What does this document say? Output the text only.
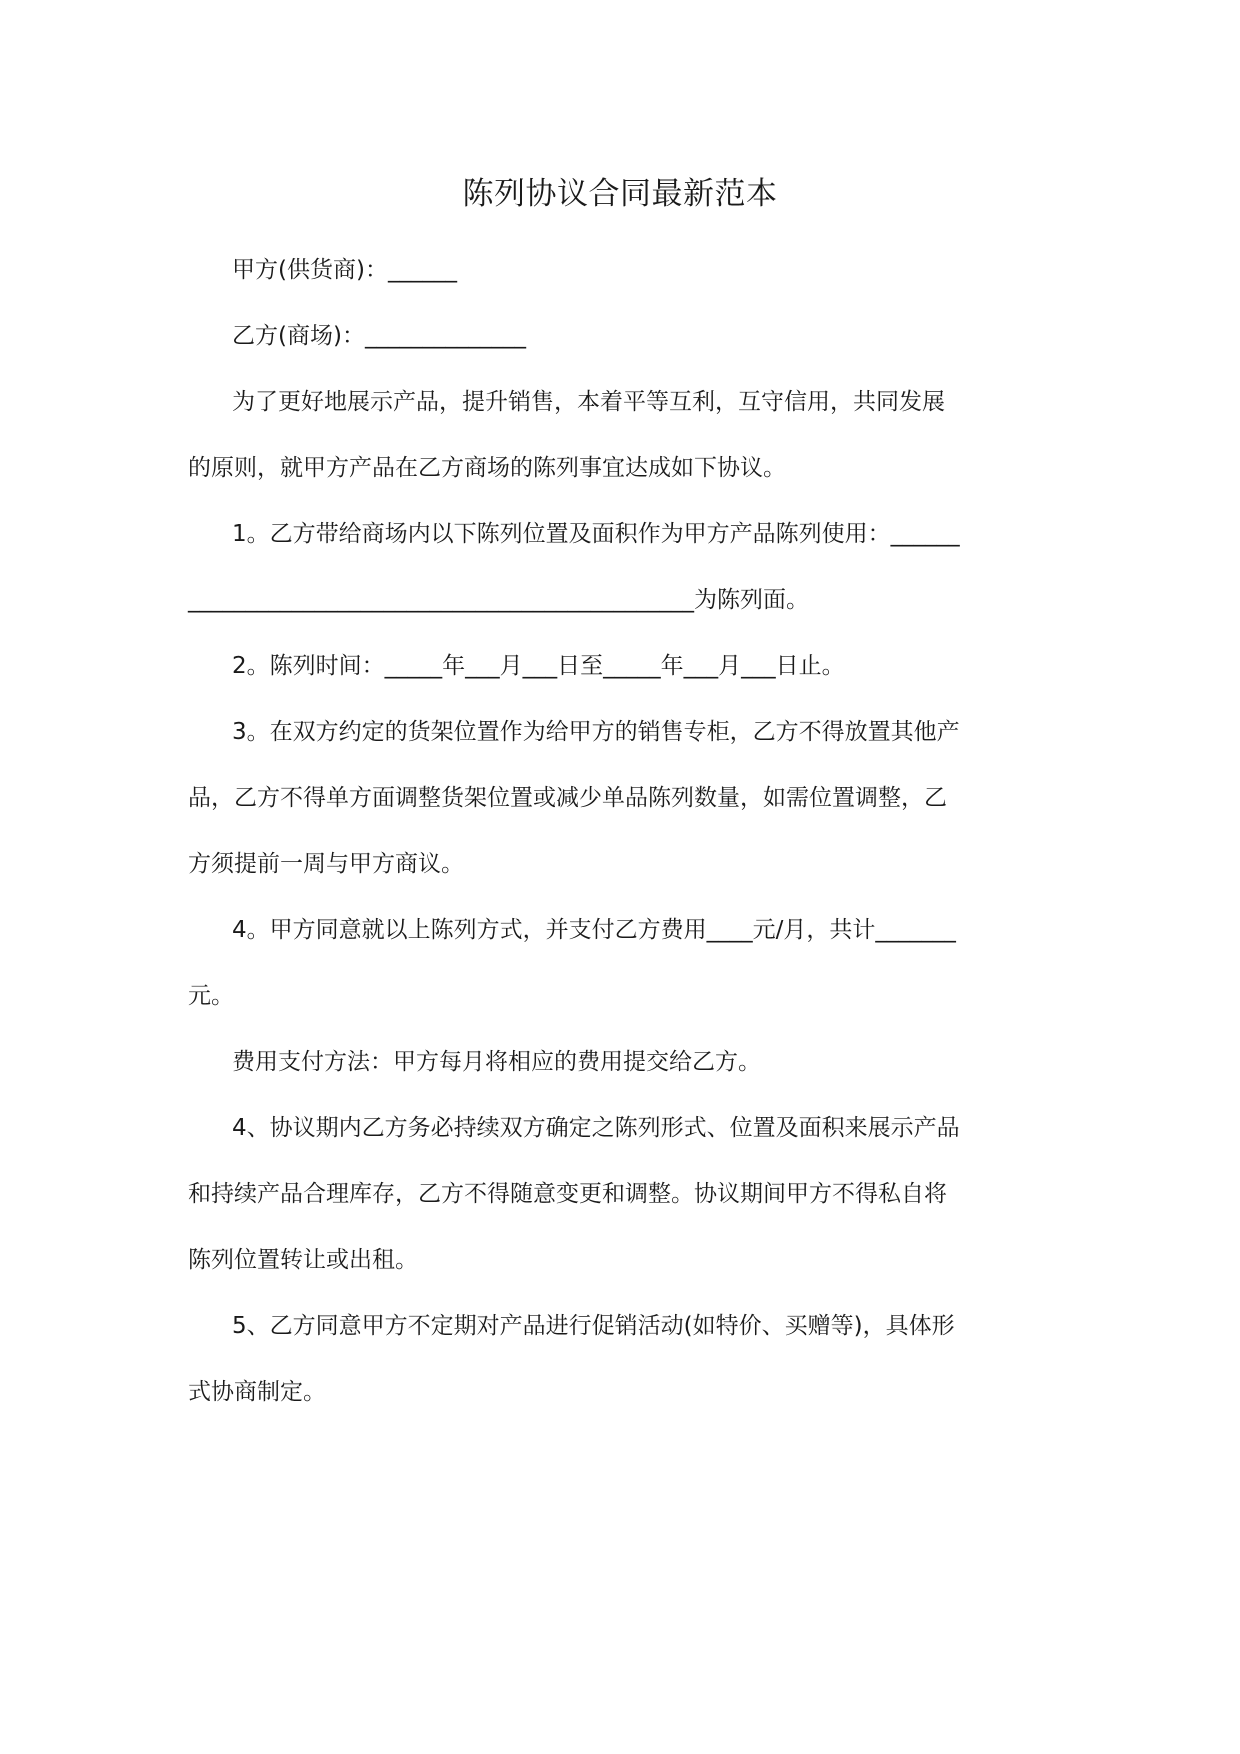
陈列协议合同最新范本
甲方(供货商)：______
乙方(商场)：______________
为了更好地展示产品，提升销售，本着平等互利，互守信用，共同发展
的原则，就甲方产品在乙方商场的陈列事宜达成如下协议。
1。乙方带给商场内以下陈列位置及面积作为甲方产品陈列使用：______
____________________________________________为陈列面。
2。陈列时间：_____年___月___日至_____年___月___日止。
3。在双方约定的货架位置作为给甲方的销售专柜，乙方不得放置其他产
品，乙方不得单方面调整货架位置或减少单品陈列数量，如需位置调整，乙
方须提前一周与甲方商议。
4。甲方同意就以上陈列方式，并支付乙方费用____元/月，共计_______
元。
费用支付方法：甲方每月将相应的费用提交给乙方。
4、协议期内乙方务必持续双方确定之陈列形式、位置及面积来展示产品
和持续产品合理库存，乙方不得随意变更和调整。协议期间甲方不得私自将
陈列位置转让或出租。
5、乙方同意甲方不定期对产品进行促销活动(如特价、买赠等)，具体形
式协商制定。
